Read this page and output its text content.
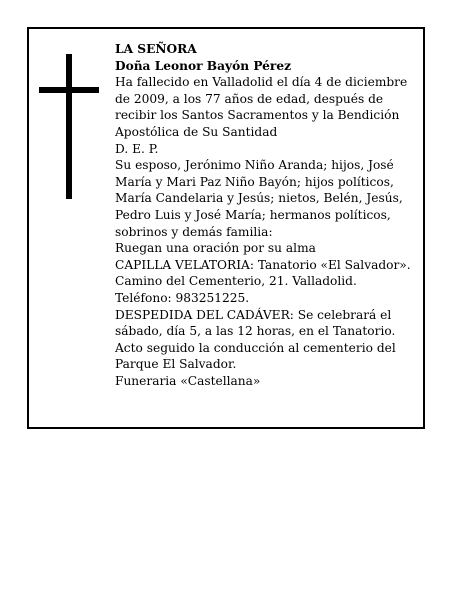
LA SEÑORA

Doña Leonor Bayón Pérez

Ha fallecido en Valladolid el día 4 de diciembre de 2009, a los 77 años de edad, después de recibir los Santos Sacramentos y la Bendición Apostólica de Su Santidad

D. E. P.

Su esposo, Jerónimo Niño Aranda; hijos, José María y Mari Paz Niño Bayón; hijos políticos, María Candelaria y Jesús; nietos, Belén, Jesús, Pedro Luis y José María; hermanos políticos, sobrinos y demás familia:

Ruegan una oración por su alma

CAPILLA VELATORIA: Tanatorio «El Salvador». Camino del Cementerio, 21. Valladolid. Teléfono: 983251225.

DESPEDIDA DEL CADÁVER: Se celebrará el sábado, día 5, a las 12 horas, en el Tanatorio. Acto seguido la conducción al cementerio del Parque El Salvador.

Funeraria «Castellana»
